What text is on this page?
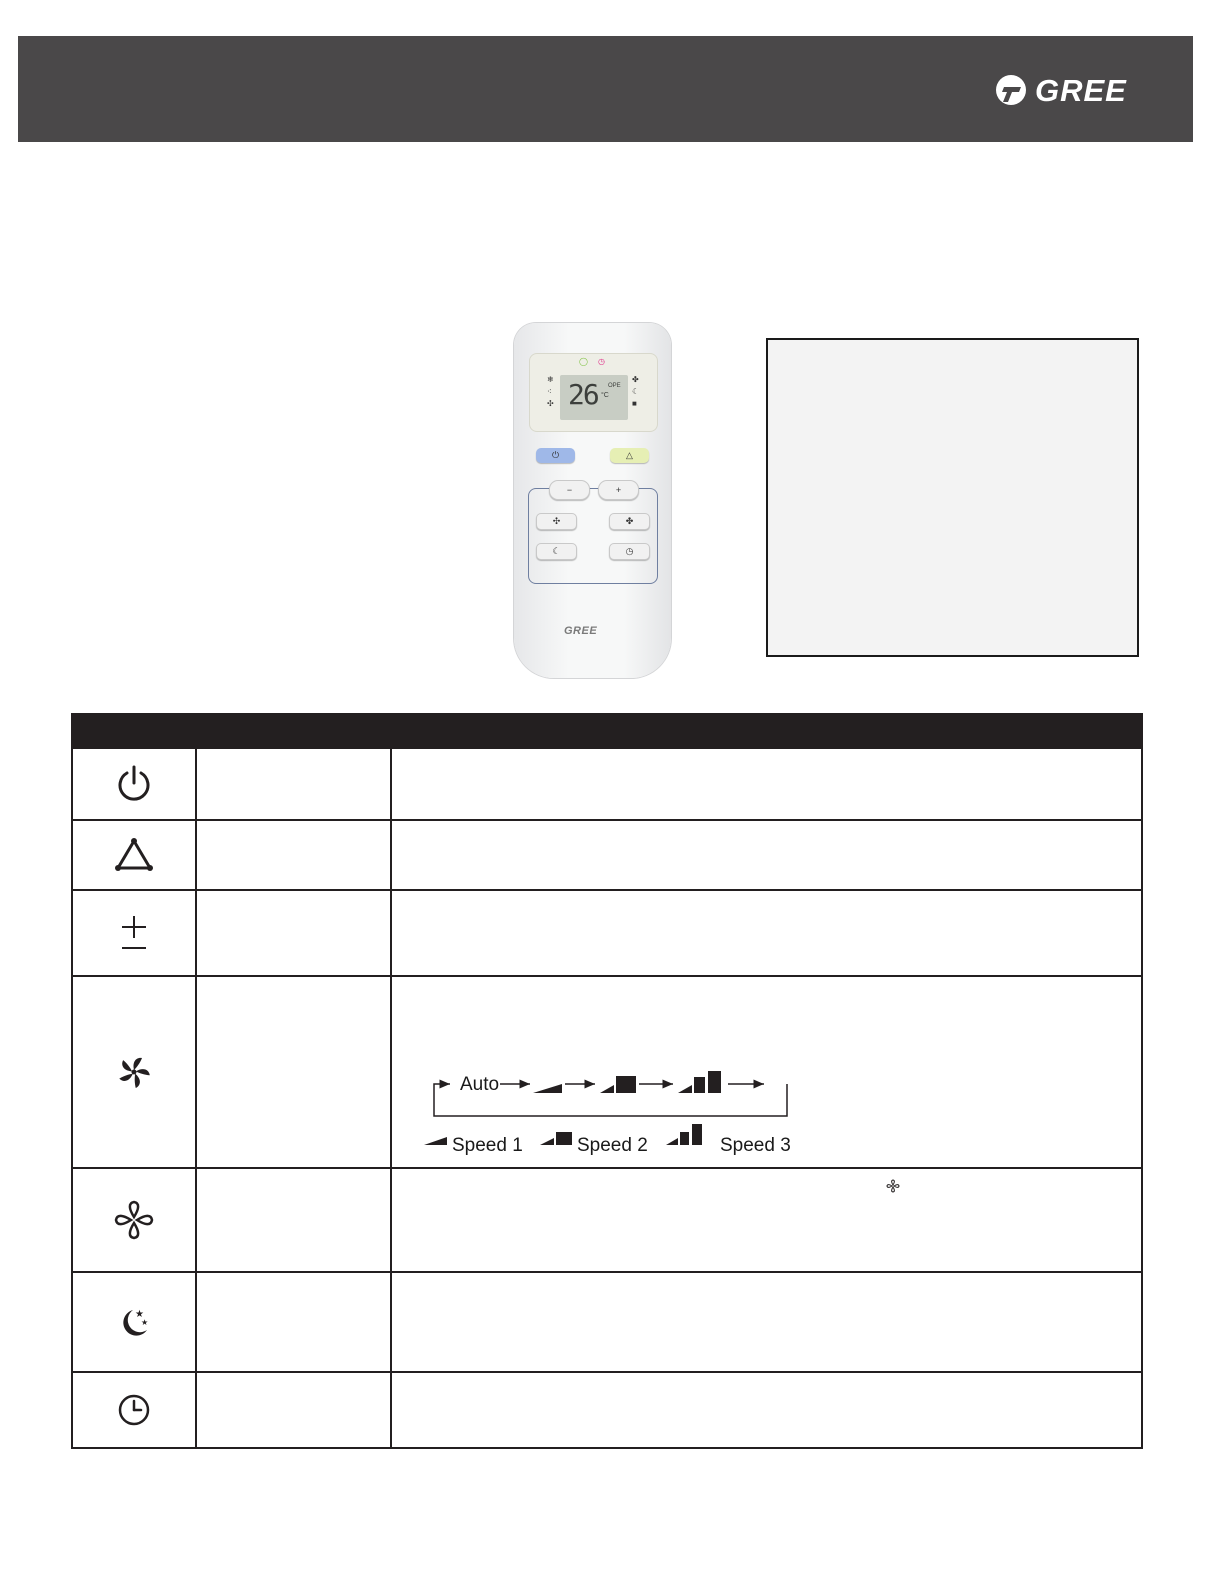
GREE
◯ ◷
❄
⁖
✣
✤
☾
■
26 °C
OPE
⏻	△
−	+
✣	✤
☾	◷
GREE

Auto
Speed 1 Speed 2 Speed 3

★
★		
